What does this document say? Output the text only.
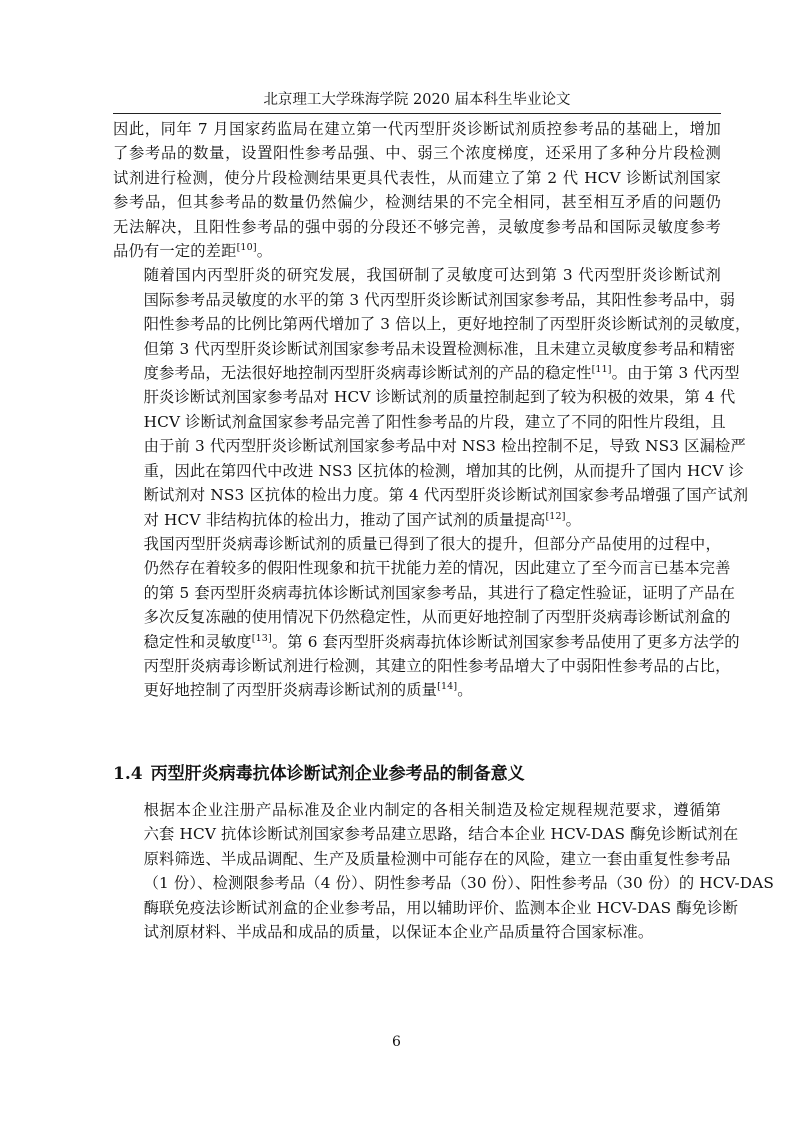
北京理工大学珠海学院 2020 届本科生毕业论文

因此，同年 7 月国家药监局在建立第一代丙型肝炎诊断试剂质控参考品的基础上，增加
了参考品的数量，设置阳性参考品强、中、弱三个浓度梯度，还采用了多种分片段检测
试剂进行检测，使分片段检测结果更具代表性，从而建立了第 2 代 HCV 诊断试剂国家
参考品，但其参考品的数量仍然偏少，检测结果的不完全相同，甚至相互矛盾的问题仍
无法解决，且阳性参考品的强中弱的分段还不够完善，灵敏度参考品和国际灵敏度参考
品仍有一定的差距[10]。

随着国内丙型肝炎的研究发展，我国研制了灵敏度可达到第 3 代丙型肝炎诊断试剂
国际参考品灵敏度的水平的第 3 代丙型肝炎诊断试剂国家参考品，其阳性参考品中，弱
阳性参考品的比例比第两代增加了 3 倍以上，更好地控制了丙型肝炎诊断试剂的灵敏度，
但第 3 代丙型肝炎诊断试剂国家参考品未设置检测标准，且未建立灵敏度参考品和精密
度参考品，无法很好地控制丙型肝炎病毒诊断试剂的产品的稳定性[11]。由于第 3 代丙型
肝炎诊断试剂国家参考品对 HCV 诊断试剂的质量控制起到了较为积极的效果，第 4 代
HCV 诊断试剂盒国家参考品完善了阳性参考品的片段，建立了不同的阳性片段组，且
由于前 3 代丙型肝炎诊断试剂国家参考品中对 NS3 检出控制不足，导致 NS3 区漏检严
重，因此在第四代中改进 NS3 区抗体的检测，增加其的比例，从而提升了国内 HCV 诊
断试剂对 NS3 区抗体的检出力度。第 4 代丙型肝炎诊断试剂国家参考品增强了国产试剂
对 HCV 非结构抗体的检出力，推动了国产试剂的质量提高[12]。

我国丙型肝炎病毒诊断试剂的质量已得到了很大的提升，但部分产品使用的过程中，
仍然存在着较多的假阳性现象和抗干扰能力差的情况，因此建立了至今而言已基本完善
的第 5 套丙型肝炎病毒抗体诊断试剂国家参考品，其进行了稳定性验证，证明了产品在
多次反复冻融的使用情况下仍然稳定性，从而更好地控制了丙型肝炎病毒诊断试剂盒的
稳定性和灵敏度[13]。第 6 套丙型肝炎病毒抗体诊断试剂国家参考品使用了更多方法学的
丙型肝炎病毒诊断试剂进行检测，其建立的阳性参考品增大了中弱阳性参考品的占比，
更好地控制了丙型肝炎病毒诊断试剂的质量[14]。

1.4 丙型肝炎病毒抗体诊断试剂企业参考品的制备意义

根据本企业注册产品标准及企业内制定的各相关制造及检定规程规范要求，遵循第
六套 HCV 抗体诊断试剂国家参考品建立思路，结合本企业 HCV-DAS 酶免诊断试剂在
原料筛选、半成品调配、生产及质量检测中可能存在的风险，建立一套由重复性参考品
（1 份）、检测限参考品（4 份）、阴性参考品（30 份）、阳性参考品（30 份）的 HCV-DAS
酶联免疫法诊断试剂盒的企业参考品，用以辅助评价、监测本企业 HCV-DAS 酶免诊断
试剂原材料、半成品和成品的质量，以保证本企业产品质量符合国家标准。

6
